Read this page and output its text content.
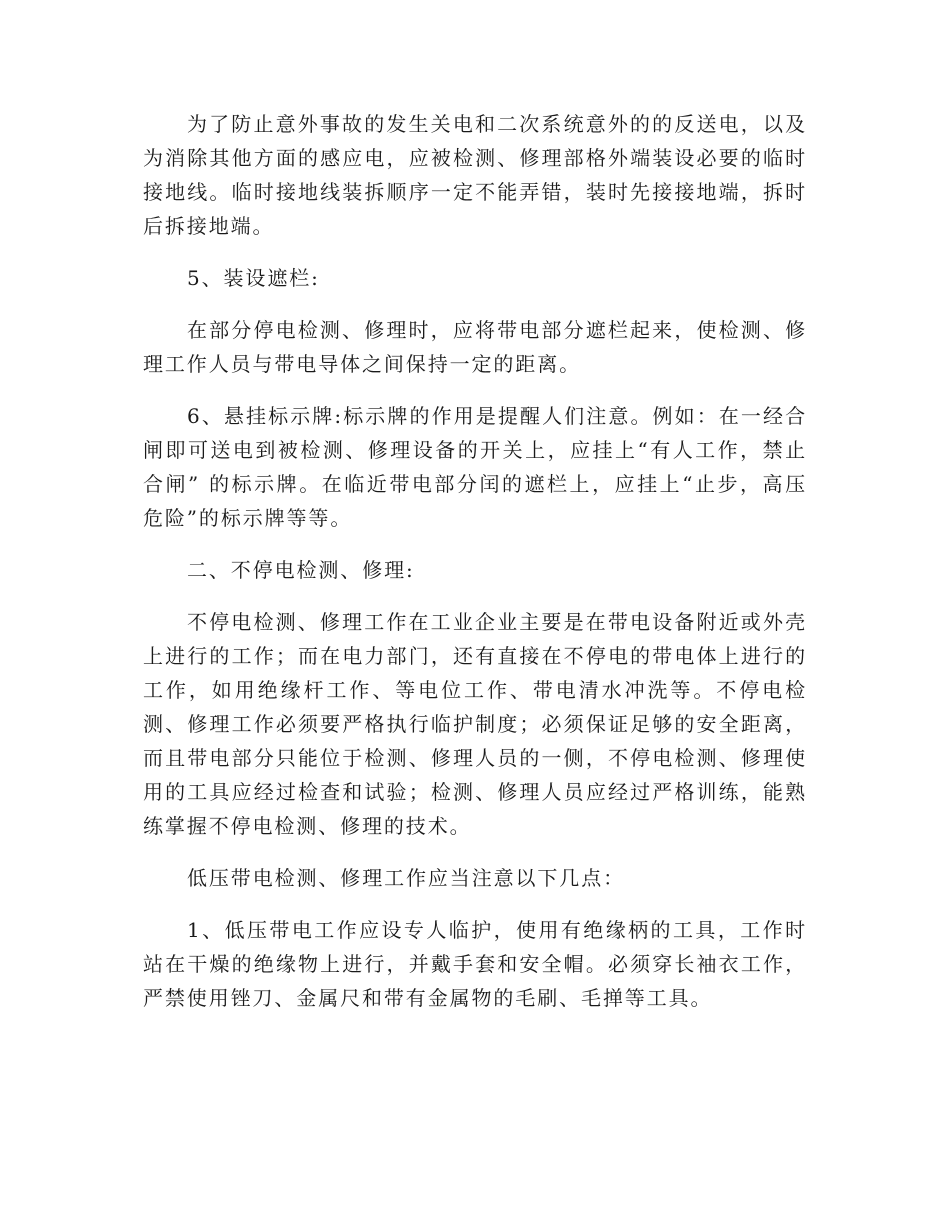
为了防止意外事故的发生关电和二次系统意外的的反送电，以及为消除其他方面的感应电，应被检测、修理部格外端装设必要的临时接地线。临时接地线装拆顺序一定不能弄错，装时先接接地端，拆时后拆接地端。

5、装设遮栏:

在部分停电检测、修理时，应将带电部分遮栏起来，使检测、修理工作人员与带电导体之间保持一定的距离。

6、悬挂标示牌:标示牌的作用是提醒人们注意。例如：在一经合闸即可送电到被检测、修理设备的开关上，应挂上“有人工作，禁止合闸” 的标示牌。在临近带电部分闰的遮栏上，应挂上“止步，高压危险”的标示牌等等。

二、不停电检测、修理:

不停电检测、修理工作在工业企业主要是在带电设备附近或外壳上进行的工作；而在电力部门，还有直接在不停电的带电体上进行的工作，如用绝缘杆工作、等电位工作、带电清水冲洗等。不停电检测、修理工作必须要严格执行临护制度；必须保证足够的安全距离，而且带电部分只能位于检测、修理人员的一侧，不停电检测、修理使用的工具应经过检查和试验；检测、修理人员应经过严格训练，能熟练掌握不停电检测、修理的技术。

低压带电检测、修理工作应当注意以下几点：

1、低压带电工作应设专人临护，使用有绝缘柄的工具，工作时站在干燥的绝缘物上进行，并戴手套和安全帽。必须穿长袖衣工作，严禁使用锉刀、金属尺和带有金属物的毛刷、毛掸等工具。
